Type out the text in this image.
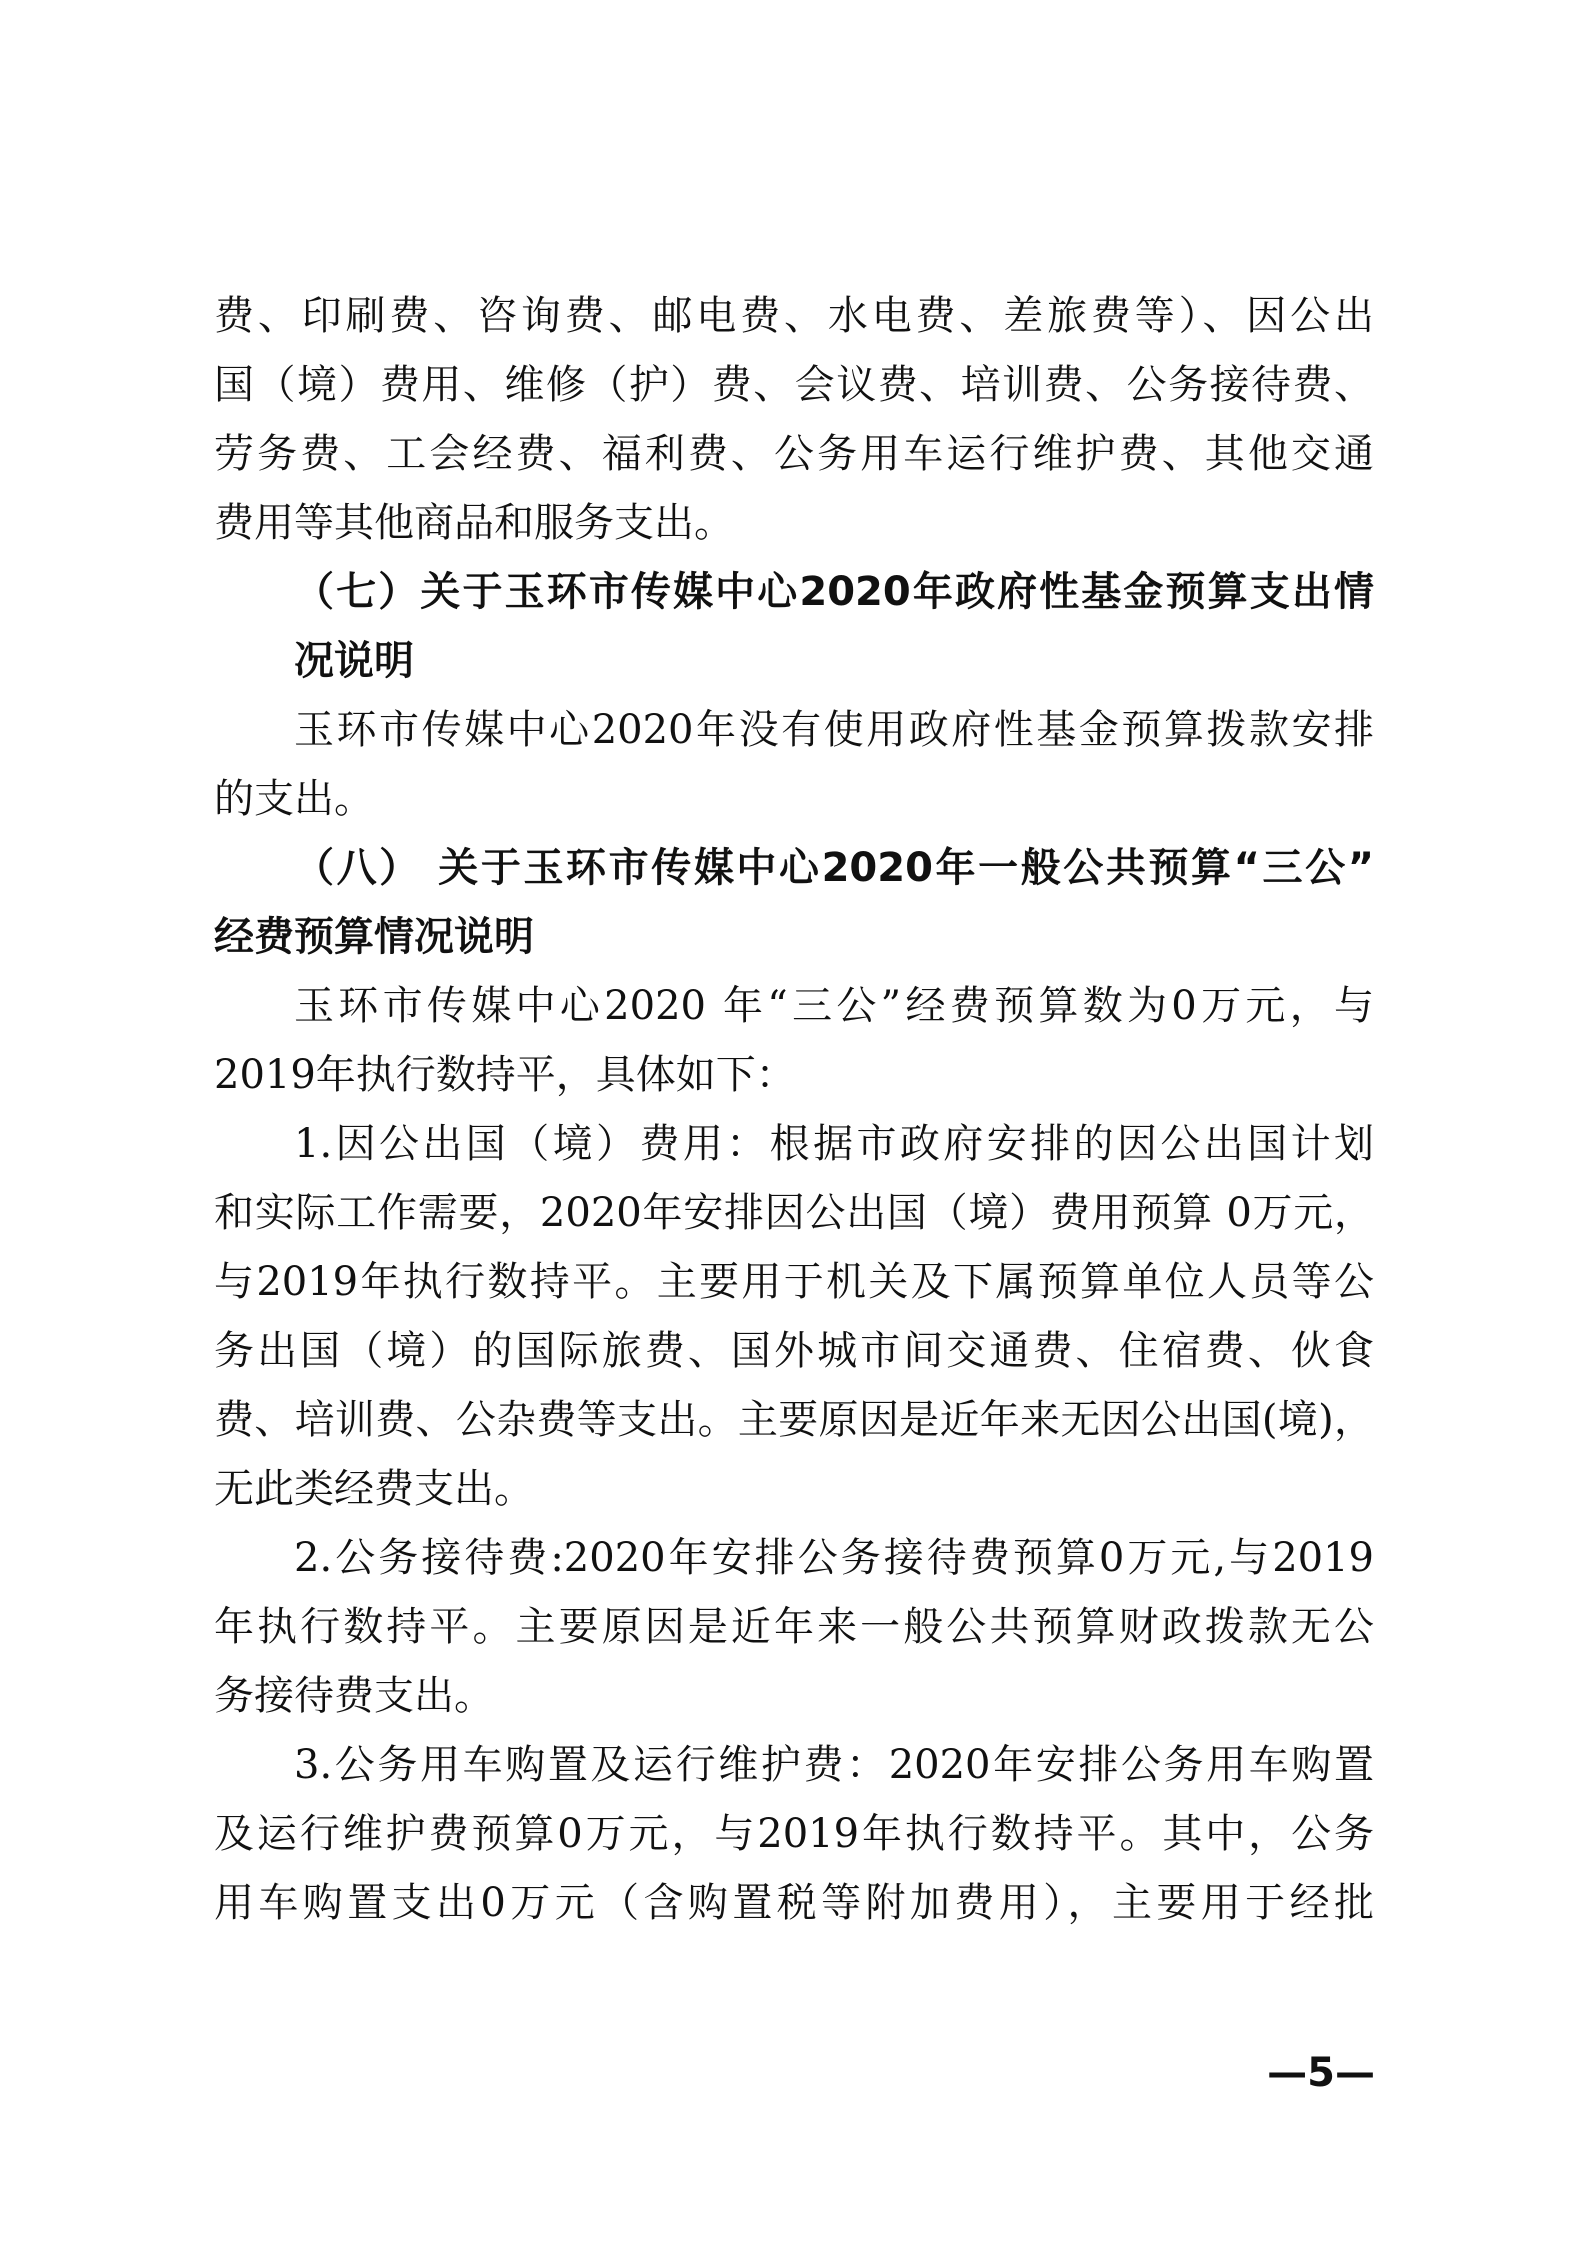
费、印刷费、咨询费、邮电费、水电费、差旅费等）、因公出
国（境）费用、维修（护）费、会议费、培训费、公务接待费、
劳务费、工会经费、福利费、公务用车运行维护费、其他交通
费用等其他商品和服务支出。
（七）关于玉环市传媒中心2020年政府性基金预算支出情
况说明
玉环市传媒中心2020年没有使用政府性基金预算拨款安排
的支出。
（八） 关于玉环市传媒中心2020年一般公共预算“三公”
经费预算情况说明
玉环市传媒中心2020 年“三公”经费预算数为0万元，与
2019年执行数持平，具体如下：
1.因公出国（境）费用：根据市政府安排的因公出国计划
和实际工作需要，2020年安排因公出国（境）费用预算 0万元，
与2019年执行数持平。主要用于机关及下属预算单位人员等公
务出国（境）的国际旅费、国外城市间交通费、住宿费、伙食
费、培训费、公杂费等支出。主要原因是近年来无因公出国(境)，
无此类经费支出。
2.公务接待费:2020年安排公务接待费预算0万元,与2019
年执行数持平。主要原因是近年来一般公共预算财政拨款无公
务接待费支出。
3.公务用车购置及运行维护费：2020年安排公务用车购置
及运行维护费预算0万元，与2019年执行数持平。其中，公务
用车购置支出0万元（含购置税等附加费用），主要用于经批
—5—
